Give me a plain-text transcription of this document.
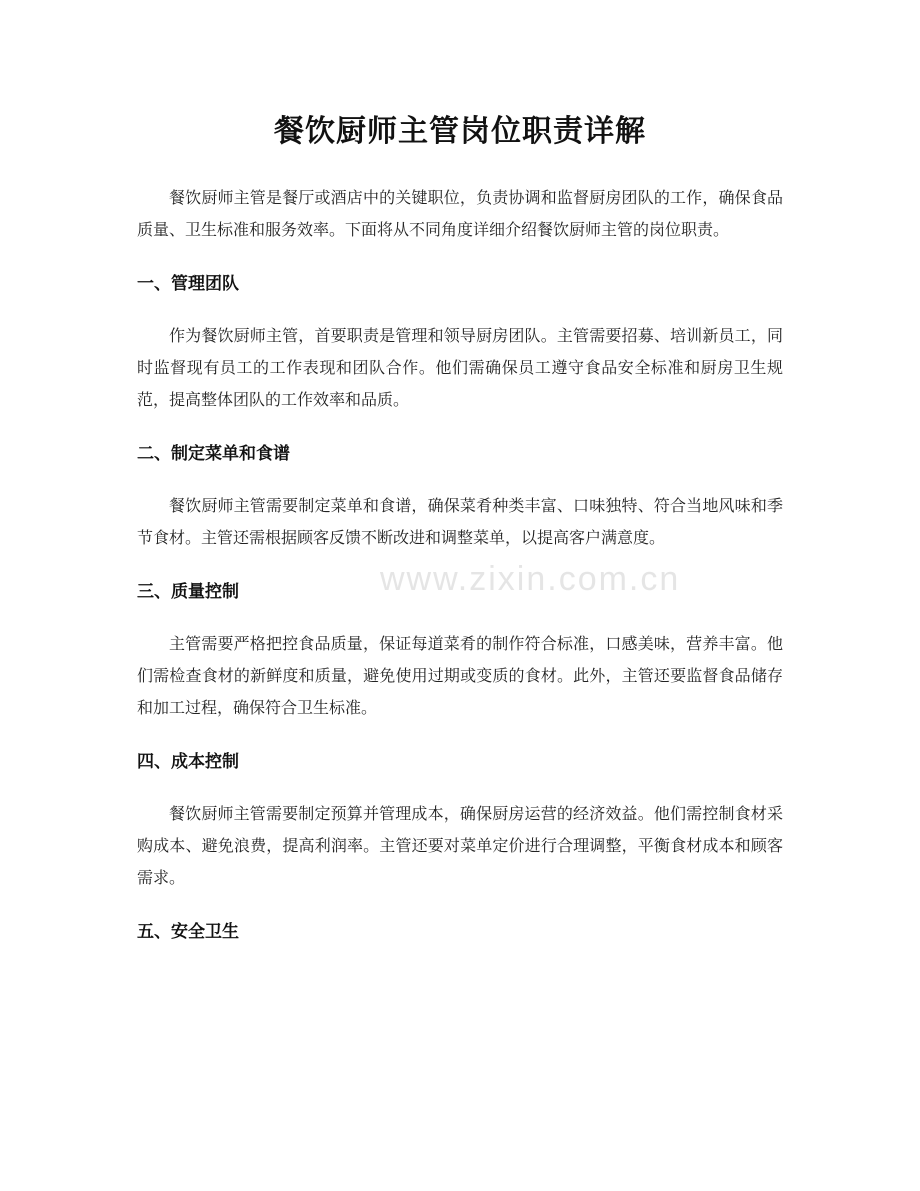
餐饮厨师主管岗位职责详解

餐饮厨师主管是餐厅或酒店中的关键职位，负责协调和监督厨房团队的工作，确保食品质量、卫生标准和服务效率。下面将从不同角度详细介绍餐饮厨师主管的岗位职责。

一、管理团队

作为餐饮厨师主管，首要职责是管理和领导厨房团队。主管需要招募、培训新员工，同时监督现有员工的工作表现和团队合作。他们需确保员工遵守食品安全标准和厨房卫生规范，提高整体团队的工作效率和品质。

二、制定菜单和食谱

餐饮厨师主管需要制定菜单和食谱，确保菜肴种类丰富、口味独特、符合当地风味和季节食材。主管还需根据顾客反馈不断改进和调整菜单，以提高客户满意度。

三、质量控制

主管需要严格把控食品质量，保证每道菜肴的制作符合标准，口感美味，营养丰富。他们需检查食材的新鲜度和质量，避免使用过期或变质的食材。此外，主管还要监督食品储存和加工过程，确保符合卫生标准。

四、成本控制

餐饮厨师主管需要制定预算并管理成本，确保厨房运营的经济效益。他们需控制食材采购成本、避免浪费，提高利润率。主管还要对菜单定价进行合理调整，平衡食材成本和顾客需求。

五、安全卫生
www.zixin.com.cn
